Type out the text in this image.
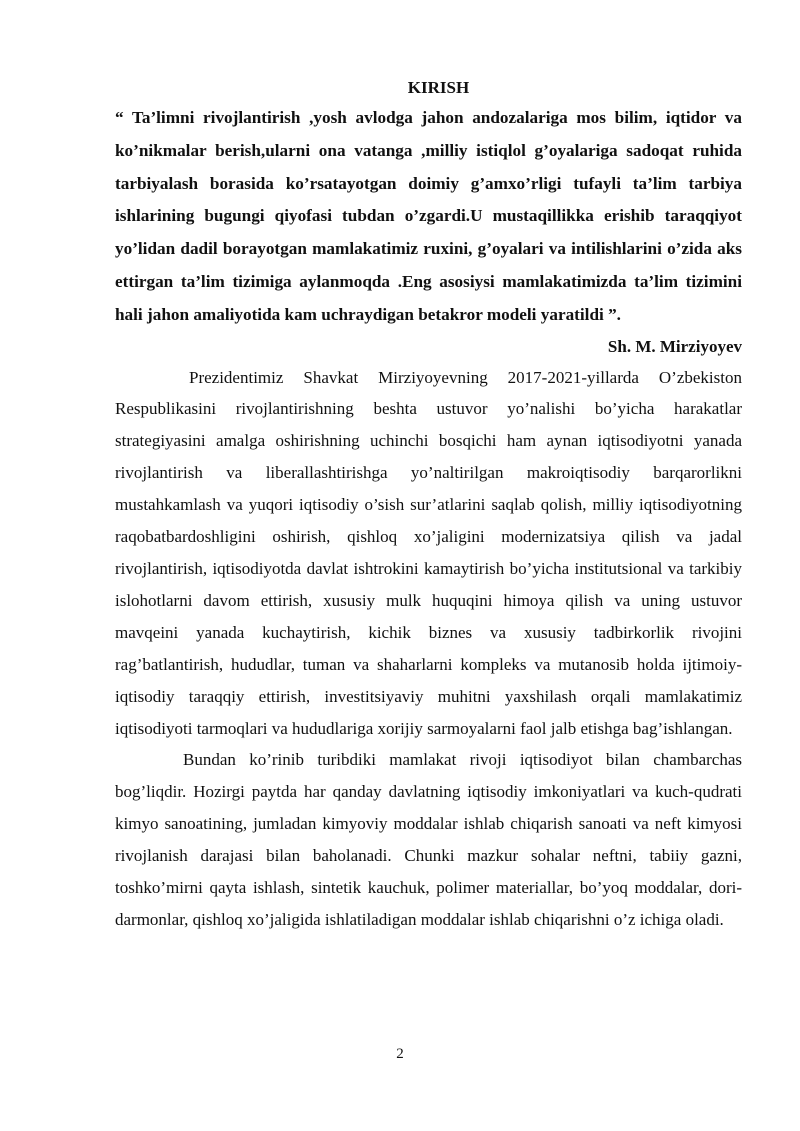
KIRISH

“ Ta’limni rivojlantirish ,yosh avlodga jahon andozalariga mos bilim, iqtidor va ko’nikmalar berish,ularni ona vatanga ,milliy istiqlol g’oyalariga sadoqat ruhida tarbiyalash borasida ko’rsatayotgan doimiy g’amxo’rligi tufayli ta’lim tarbiya ishlarining bugungi qiyofasi tubdan o’zgardi.U mustaqillikka erishib taraqqiyot yo’lidan dadil borayotgan mamlakatimiz ruxini, g’oyalari va intilishlarini o’zida aks ettirgan ta’lim tizimiga aylanmoqda .Eng asosiysi mamlakatimizda ta’lim tizimini hali jahon amaliyotida kam uchraydigan betakror modeli yaratildi ”.

Sh. M. Mirziyoyev

Prezidentimiz Shavkat Mirziyoyevning 2017-2021-yillarda O’zbekiston Respublikasini rivojlantirishning beshta ustuvor yo’nalishi bo’yicha harakatlar strategiyasini amalga oshirishning uchinchi bosqichi ham aynan iqtisodiyotni yanada rivojlantirish va liberallashtirishga yo’naltirilgan makroiqtisodiy barqarorlikni mustahkamlash va yuqori iqtisodiy o’sish sur’atlarini saqlab qolish, milliy iqtisodiyotning raqobatbardoshligini oshirish, qishloq xo’jaligini modernizatsiya qilish va jadal rivojlantirish, iqtisodiyotda davlat ishtrokini kamaytirish bo’yicha institutsional va tarkibiy islohotlarni davom ettirish, xususiy mulk huquqini himoya qilish va uning ustuvor mavqeini yanada kuchaytirish, kichik biznes va xususiy tadbirkorlik rivojini rag’batlantirish, hududlar, tuman va shaharlarni kompleks va mutanosib holda ijtimoiy-iqtisodiy taraqqiy ettirish, investitsiyaviy muhitni yaxshilash orqali mamlakatimiz iqtisodiyoti tarmoqlari va hududlariga xorijiy sarmoyalarni faol jalb etishga bag’ishlangan.

Bundan ko’rinib turibdiki mamlakat rivoji iqtisodiyot bilan chambarchas bog’liqdir. Hozirgi paytda har qanday davlatning iqtisodiy imkoniyatlari va kuch-qudrati kimyo sanoatining, jumladan kimyoviy moddalar ishlab chiqarish sanoati va neft kimyosi rivojlanish darajasi bilan baholanadi. Chunki mazkur sohalar neftni, tabiiy gazni, toshko’mirni qayta ishlash, sintetik kauchuk, polimer materiallar, bo’yoq moddalar, dori-darmonlar, qishloq xo’jaligida ishlatiladigan moddalar ishlab chiqarishni o’z ichiga oladi.

2
